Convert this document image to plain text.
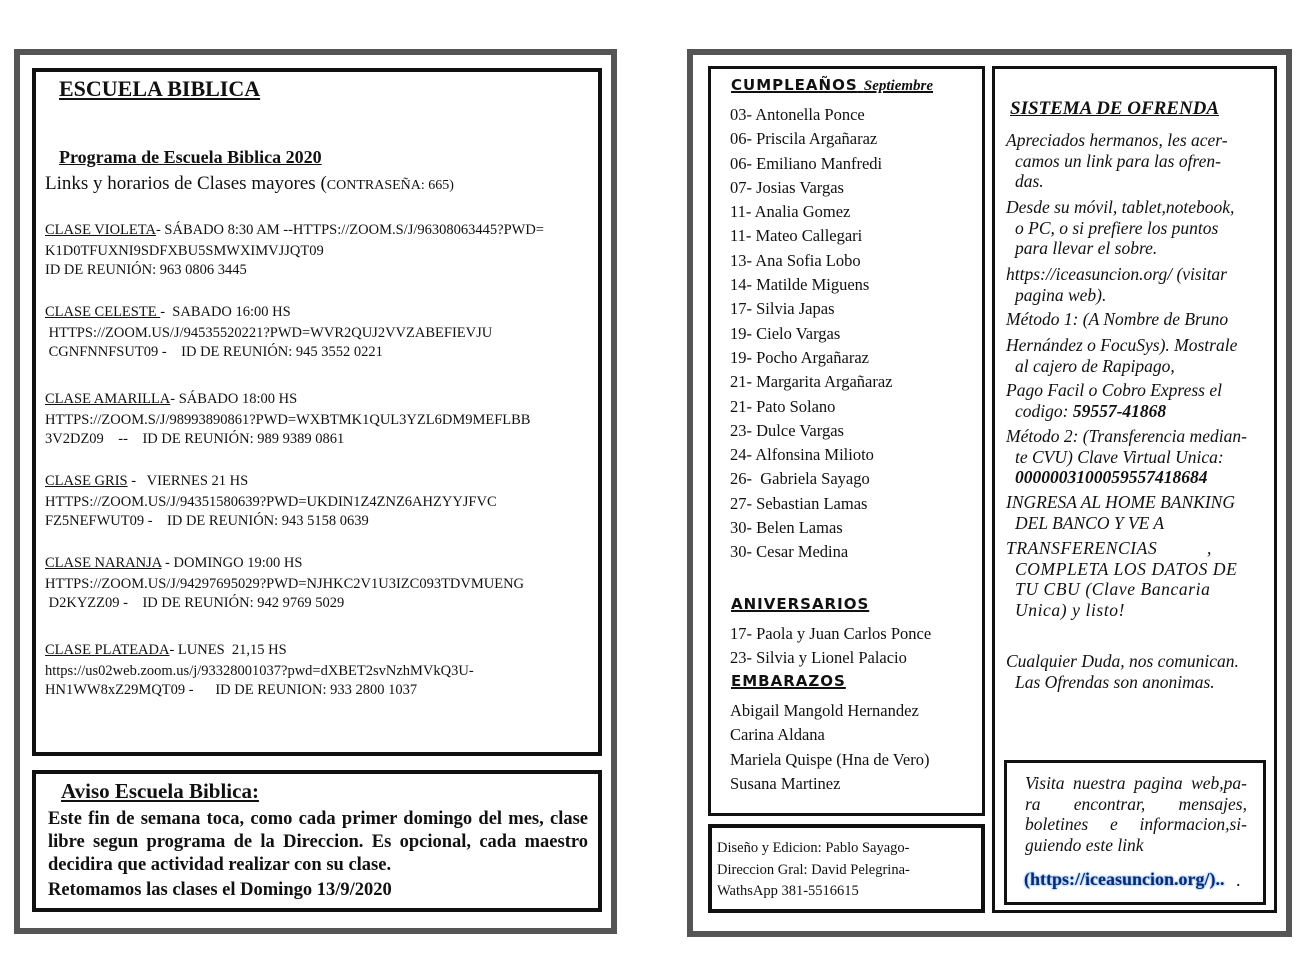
ESCUELA BIBLICA
Programa de Escuela Biblica 2020
Links y horarios de Clases mayores (CONTRASEÑA: 665)
CLASE VIOLETA- SÁBADO 8:30 AM --HTTPS://ZOOM.S/J/96308063445?PWD=
K1D0TFUXNI9SDFXBU5SMWXIMVJJQT09
ID DE REUNIÓN: 963 0806 3445
CLASE CELESTE -  SABADO 16:00 HS
HTTPS://ZOOM.US/J/94535520221?PWD=WVR2QUJ2VVZABEFIEVJU
CGNFNNFSUT09 -    ID DE REUNIÓN: 945 3552 0221
CLASE AMARILLA- SÁBADO 18:00 HS
HTTPS://ZOOM.S/J/98993890861?PWD=WXBTMK1QUL3YZL6DM9MEFLBB
3V2DZ09    --    ID DE REUNIÓN: 989 9389 0861
CLASE GRIS -   VIERNES 21 HS
HTTPS://ZOOM.US/J/94351580639?PWD=UKDIN1Z4ZNZ6AHZYYJFVC
FZ5NEFWUT09 -    ID DE REUNIÓN: 943 5158 0639
CLASE NARANJA - DOMINGO 19:00 HS
HTTPS://ZOOM.US/J/94297695029?PWD=NJHKC2V1U3IZC093TDVMUENG
D2KYZZ09 -    ID DE REUNIÓN: 942 9769 5029
CLASE PLATEADA- LUNES  21,15 HS
https://us02web.zoom.us/j/93328001037?pwd=dXBET2svNzhMVkQ3U-
HN1WW8xZ29MQT09 -      ID DE REUNION: 933 2800 1037
Aviso Escuela Biblica:
Este fin de semana toca, como cada primer domingo del mes, clase libre segun programa de la Direccion. Es opcional, cada maestro decidira que actividad realizar con su clase.
Retomamos las clases el Domingo 13/9/2020
CUMPLEAÑOS Septiembre
03- Antonella Ponce
06- Priscila Argañaraz
06- Emiliano Manfredi
07- Josias Vargas
11- Analia Gomez
11- Mateo Callegari
13- Ana Sofia Lobo
14- Matilde Miguens
17- Silvia Japas
19- Cielo Vargas
19- Pocho Argañaraz
21- Margarita Argañaraz
21- Pato Solano
23- Dulce Vargas
24- Alfonsina Milioto
26-  Gabriela Sayago
27- Sebastian Lamas
30- Belen Lamas
30- Cesar Medina
ANIVERSARIOS
17- Paola y Juan Carlos Ponce
23- Silvia y Lionel Palacio
EMBARAZOS
Abigail Mangold Hernandez
Carina Aldana
Mariela Quispe (Hna de Vero)
Susana Martinez
Diseño y Edicion: Pablo Sayago-
Direccion Gral: David Pelegrina-
WathsApp 381-5516615
SISTEMA DE OFRENDA
Apreciados hermanos, les acer-
camos un link para las ofren-
das.
Desde su móvil, tablet,notebook,
o PC, o si prefiere los puntos
para llevar el sobre.
https://iceasuncion.org/ (visitar
pagina web).
Método 1: (A Nombre de Bruno
Hernández o FocuSys). Mostrale
al cajero de Rapipago,
Pago Facil o Cobro Express el
codigo: 59557-41868
Método 2: (Transferencia median-
te CVU) Clave Virtual Unica:
0000003100059557418684
INGRESA AL HOME BANKING
DEL BANCO Y VE A
TRANSFERENCIAS          ,
COMPLETA LOS DATOS DE
TU CBU (Clave Bancaria
Unica) y listo!
Cualquier Duda, nos comunican.
Las Ofrendas son anonimas.
Visita nuestra pagina web,pa-ra encontrar, mensajes, boletines e informacion,si-guiendo este link
(https://iceasuncion.org/).. .
